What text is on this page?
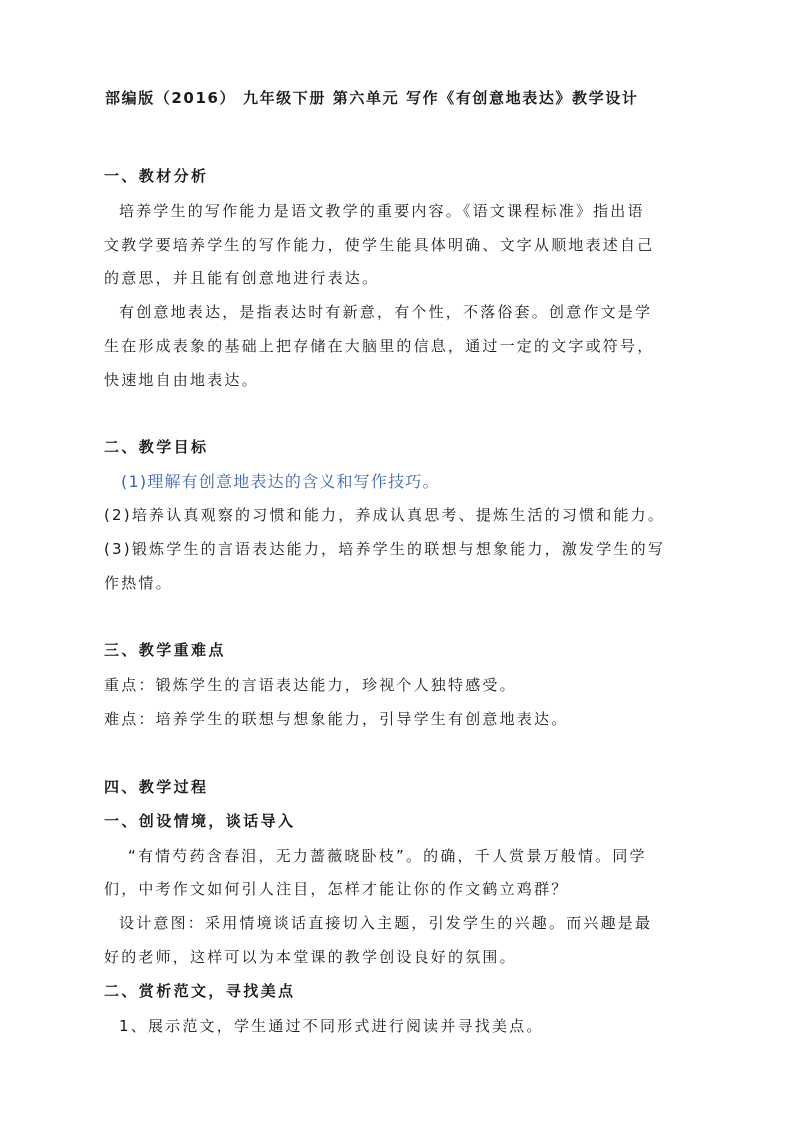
部编版（2016） 九年级下册 第六单元 写作《有创意地表达》教学设计
一、教材分析
培养学生的写作能力是语文教学的重要内容。《语文课程标准》指出语
文教学要培养学生的写作能力，使学生能具体明确、文字从顺地表述自己
的意思，并且能有创意地进行表达。
有创意地表达，是指表达时有新意，有个性，不落俗套。创意作文是学
生在形成表象的基础上把存储在大脑里的信息，通过一定的文字或符号，
快速地自由地表达。
二、教学目标
(1)理解有创意地表达的含义和写作技巧。
(2)培养认真观察的习惯和能力，养成认真思考、提炼生活的习惯和能力。
(3)锻炼学生的言语表达能力，培养学生的联想与想象能力，激发学生的写
作热情。
三、教学重难点
重点：锻炼学生的言语表达能力，珍视个人独特感受。
难点：培养学生的联想与想象能力，引导学生有创意地表达。
四、教学过程
一、创设情境，谈话导入
“有情芍药含春泪，无力蔷薇晓卧枝”。的确，千人赏景万般情。同学
们，中考作文如何引人注目，怎样才能让你的作文鹤立鸡群？
设计意图：采用情境谈话直接切入主题，引发学生的兴趣。而兴趣是最
好的老师，这样可以为本堂课的教学创设良好的氛围。
二、赏析范文，寻找美点
1、展示范文，学生通过不同形式进行阅读并寻找美点。
